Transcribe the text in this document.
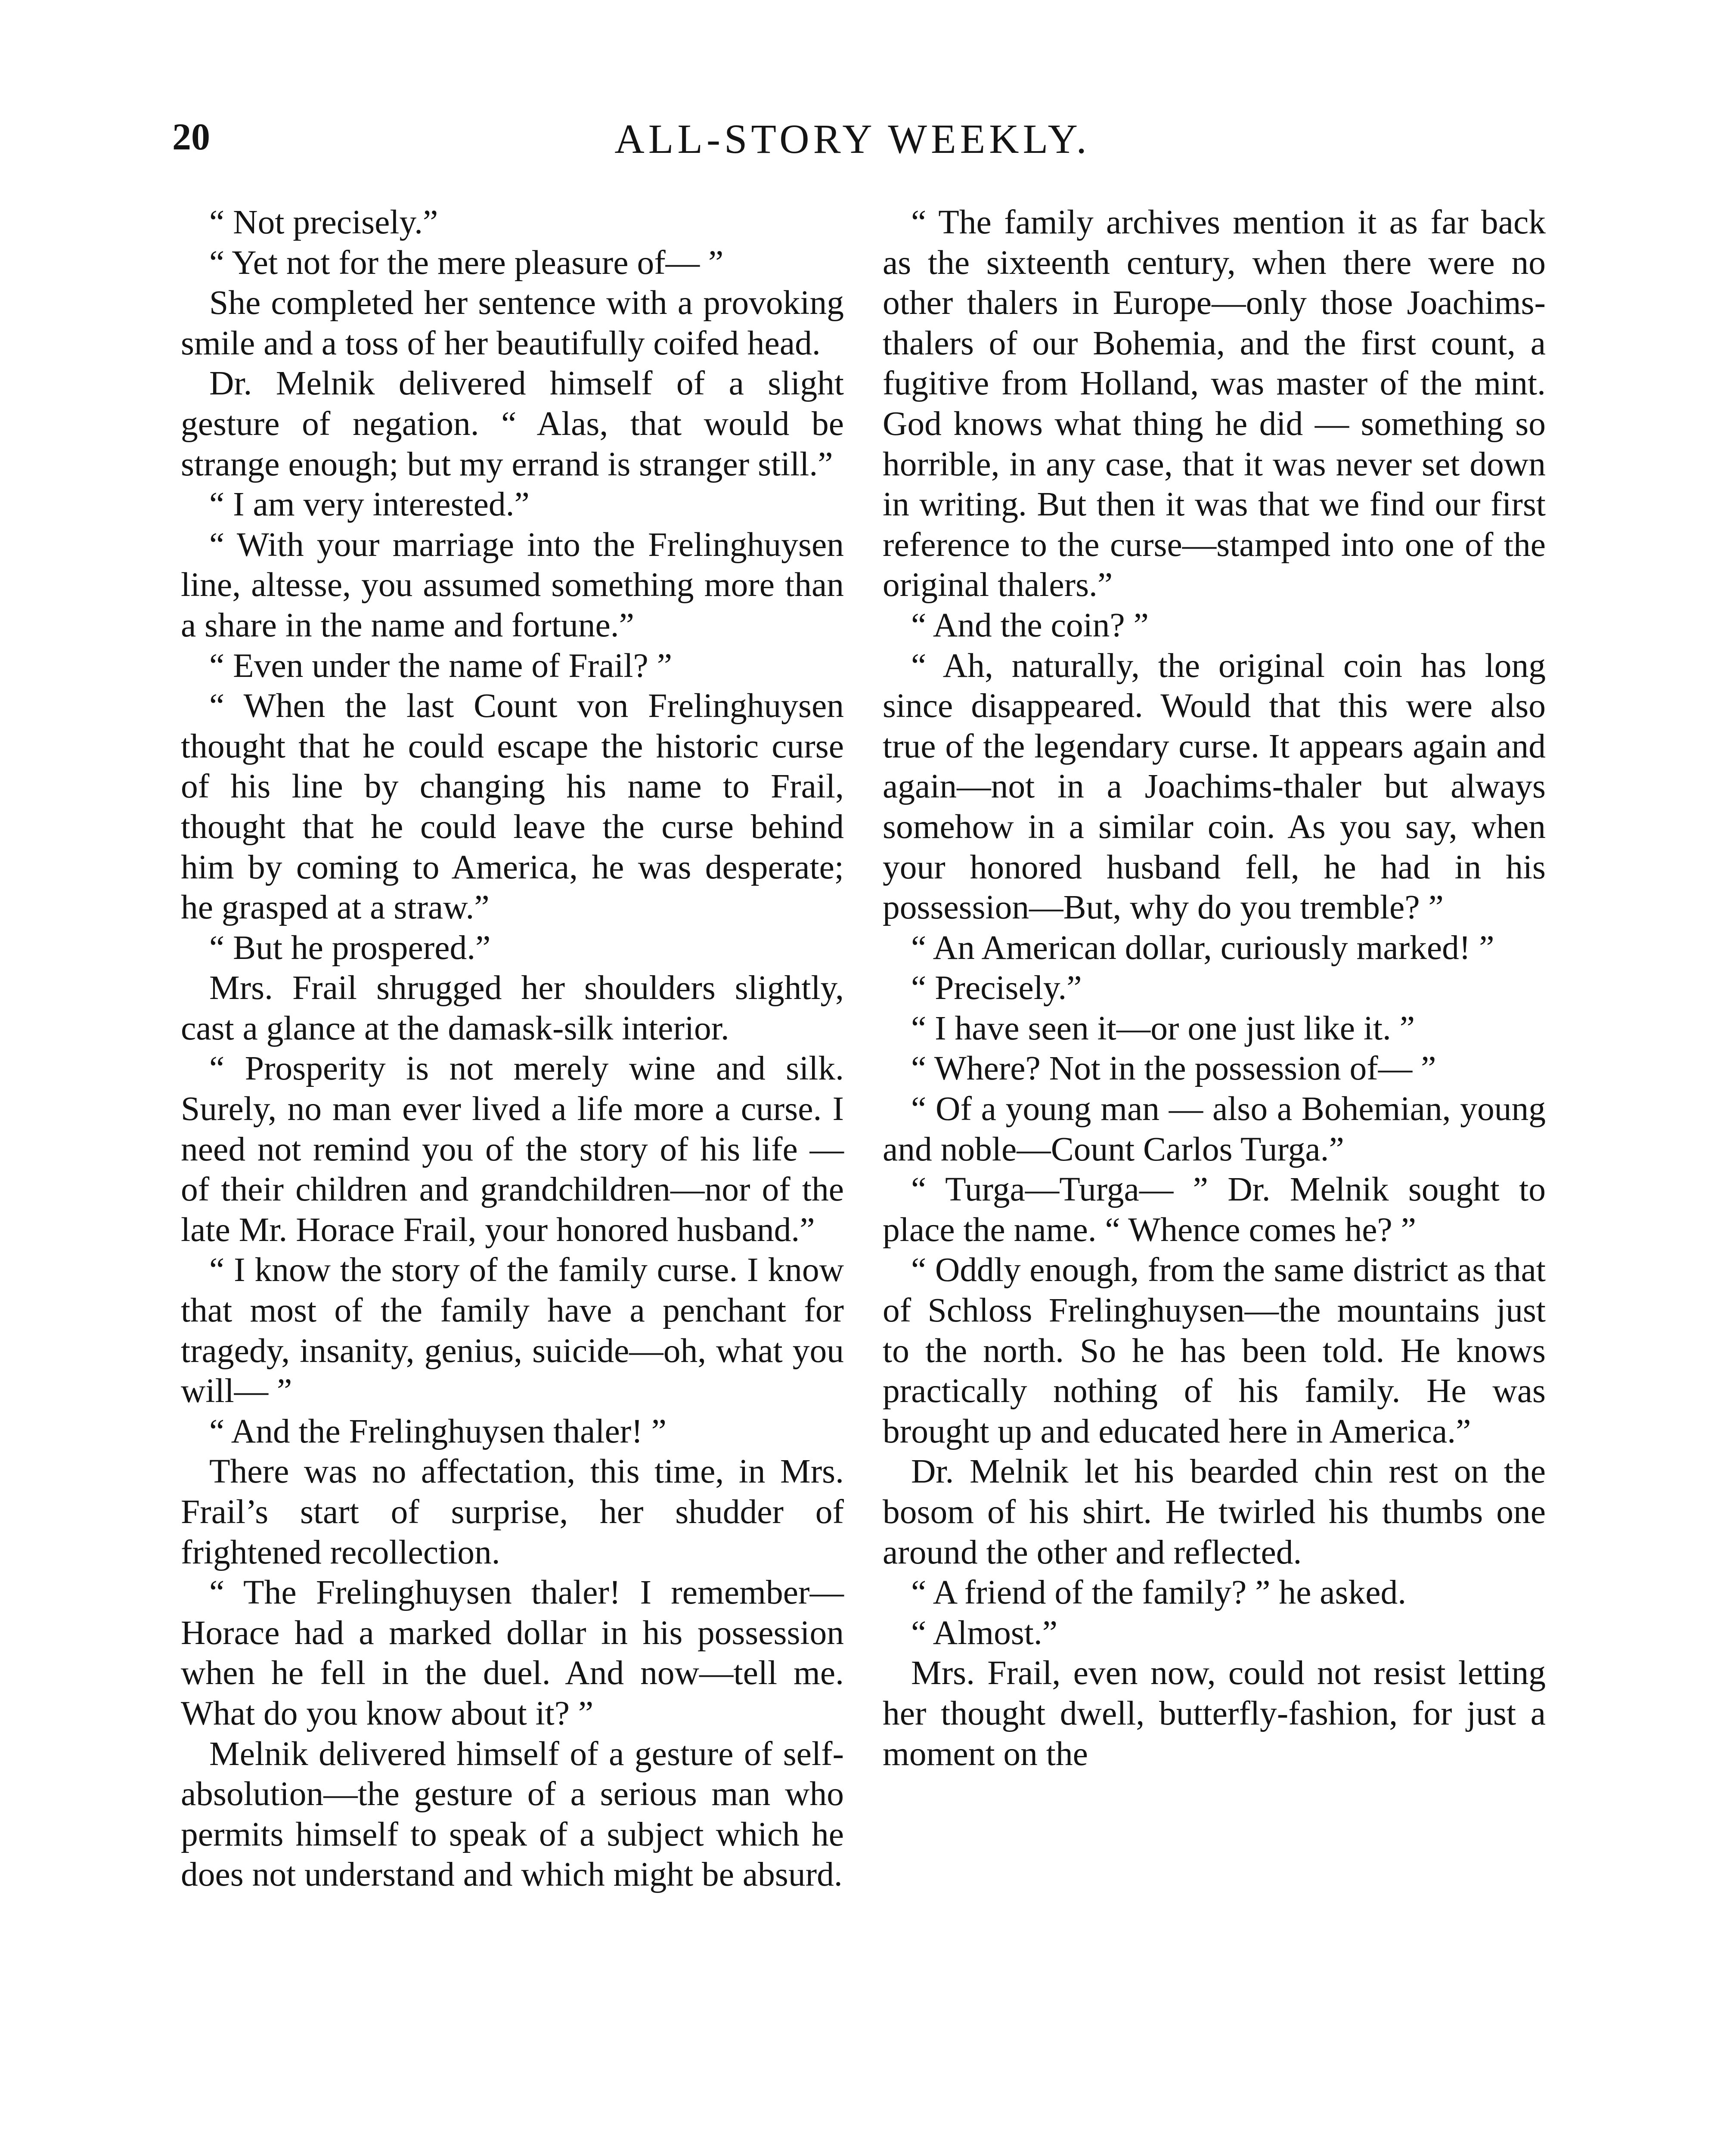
20	ALL-STORY WEEKLY.

“ Not precisely.”

“ Yet not for the mere pleasure of— ”

She completed her sentence with a provoking smile and a toss of her beautifully coifed head.

Dr. Melnik delivered himself of a slight gesture of negation. “ Alas, that would be strange enough; but my errand is stranger still.”

“ I am very interested.”

“ With your marriage into the Frelinghuysen line, altesse, you assumed something more than a share in the name and fortune.”

“ Even under the name of Frail? ”

“ When the last Count von Frelinghuysen thought that he could escape the historic curse of his line by changing his name to Frail, thought that he could leave the curse behind him by coming to America, he was desperate; he grasped at a straw.”

“ But he prospered.”

Mrs. Frail shrugged her shoulders slightly, cast a glance at the damask-silk interior.

“ Prosperity is not merely wine and silk. Surely, no man ever lived a life more a curse. I need not remind you of the story of his life — of their children and grandchildren—nor of the late Mr. Horace Frail, your honored husband.”

“ I know the story of the family curse. I know that most of the family have a penchant for tragedy, insanity, genius, suicide—oh, what you will— ”

“ And the Frelinghuysen thaler! ”

There was no affectation, this time, in Mrs. Frail’s start of surprise, her shudder of frightened recollection.

“ The Frelinghuysen thaler! I remember—Horace had a marked dollar in his possession when he fell in the duel. And now—tell me. What do you know about it? ”

Melnik delivered himself of a gesture of self-absolution—the gesture of a serious man who permits himself to speak of a subject which he does not understand and which might be absurd.

“ The family archives mention it as far back as the sixteenth century, when there were no other thalers in Europe—only those Joachims-thalers of our Bohemia, and the first count, a fugitive from Holland, was master of the mint. God knows what thing he did — something so horrible, in any case, that it was never set down in writing. But then it was that we find our first reference to the curse—stamped into one of the original thalers.”

“ And the coin? ”

“ Ah, naturally, the original coin has long since disappeared. Would that this were also true of the legendary curse. It appears again and again—not in a Joachims-thaler but always somehow in a similar coin. As you say, when your honored husband fell, he had in his possession—But, why do you tremble? ”

“ An American dollar, curiously marked! ”

“ Precisely.”

“ I have seen it—or one just like it. ”

“ Where? Not in the possession of— ”

“ Of a young man — also a Bohemian, young and noble—Count Carlos Turga.”

“ Turga—Turga— ” Dr. Melnik sought to place the name. “ Whence comes he? ”

“ Oddly enough, from the same district as that of Schloss Frelinghuysen—the mountains just to the north. So he has been told. He knows practically nothing of his family. He was brought up and educated here in America.”

Dr. Melnik let his bearded chin rest on the bosom of his shirt. He twirled his thumbs one around the other and reflected.

“ A friend of the family? ” he asked.

“ Almost.”

Mrs. Frail, even now, could not resist letting her thought dwell, butterfly-fashion, for just a moment on the
